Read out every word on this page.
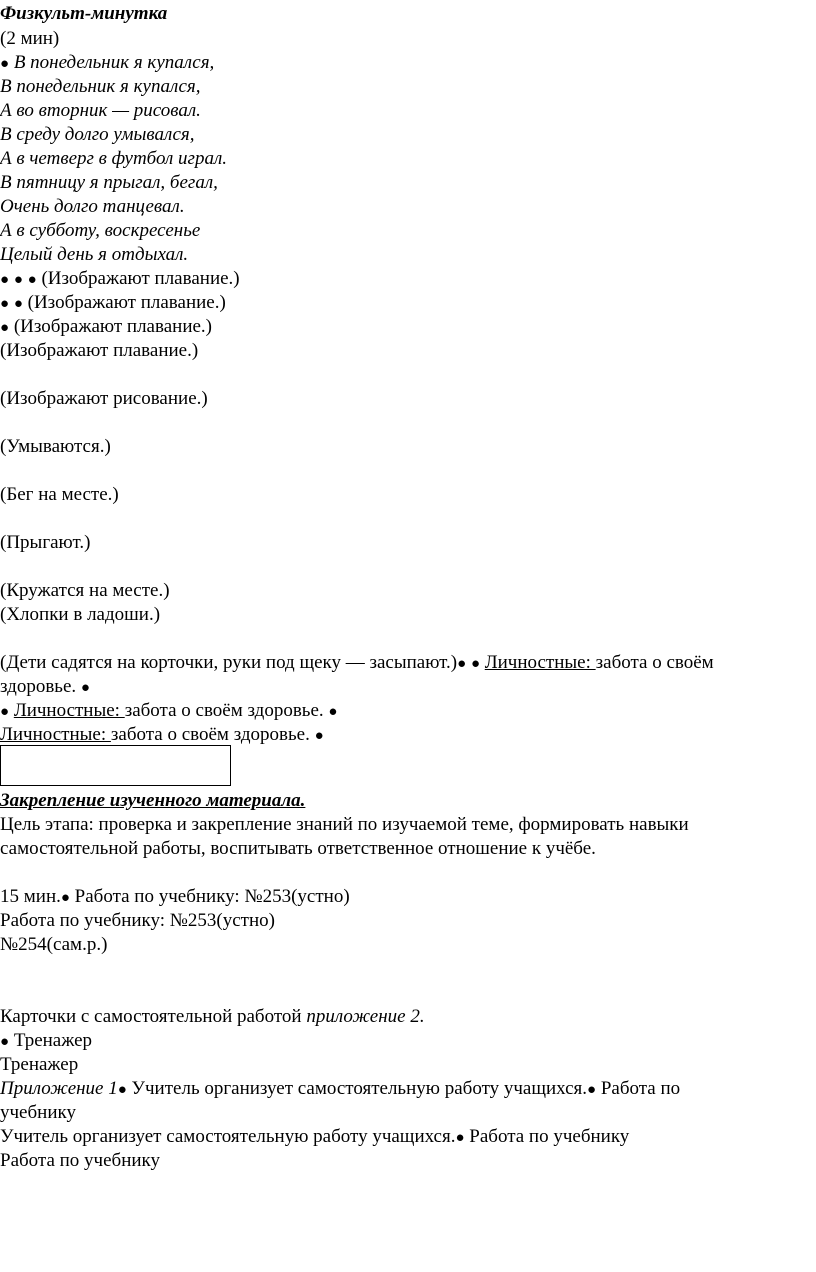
Физкульт-минутка
(2 мин)
● В понедельник я купался,
В понедельник я купался,
А во вторник — рисовал.
В среду долго умывался,
А в четверг в футбол играл.
В пятницу я прыгал, бегал,
Очень долго танцевал.
А в субботу, воскресенье
Целый день я отдыхал.
● ● ● (Изображают плавание.)
● ● (Изображают плавание.)
● (Изображают плавание.)
(Изображают плавание.)
(Изображают рисование.)
(Умываются.)
(Бег на месте.)
(Прыгают.)
(Кружатся на месте.)
(Хлопки в ладоши.)
(Дети садятся на корточки, руки под щеку — засыпают.)● ● Личностные: забота о своём
здоровье. ●
● Личностные: забота о своём здоровье. ●
Личностные: забота о своём здоровье. ●
Закрепление изученного материала.
Цель этапа: проверка и закрепление знаний по изучаемой теме, формировать навыки самостоятельной работы, воспитывать ответственное отношение к учёбе.
15 мин.● Работа по учебнику: №253(устно)
Работа по учебнику: №253(устно)
№254(сам.р.)
Карточки с самостоятельной работой приложение 2.
● Тренажер
Тренажер
Приложение 1● Учитель организует самостоятельную работу учащихся.● Работа по
учебнику
Учитель организует самостоятельную работу учащихся.● Работа по учебнику
Работа по учебнику
